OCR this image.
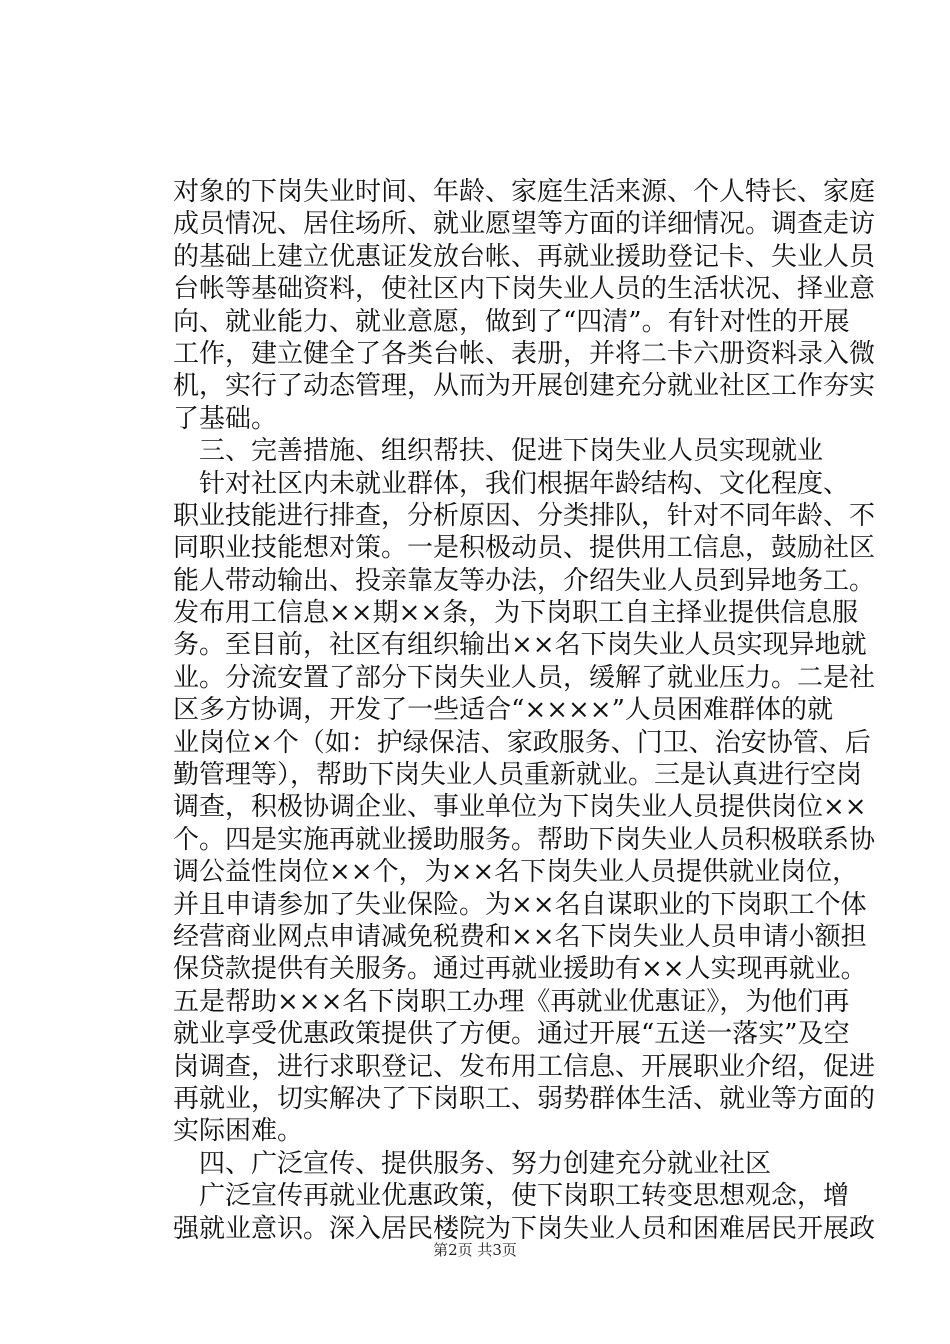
对象的下岗失业时间、年龄、家庭生活来源、个人特长、家庭
成员情况、居住场所、就业愿望等方面的详细情况。调查走访
的基础上建立优惠证发放台帐、再就业援助登记卡、失业人员
台帐等基础资料，使社区内下岗失业人员的生活状况、择业意
向、就业能力、就业意愿，做到了“四清”。有针对性的开展
工作，建立健全了各类台帐、表册，并将二卡六册资料录入微
机，实行了动态管理，从而为开展创建充分就业社区工作夯实
了基础。
三、完善措施、组织帮扶、促进下岗失业人员实现就业
针对社区内未就业群体，我们根据年龄结构、文化程度、
职业技能进行排查，分析原因、分类排队，针对不同年龄、不
同职业技能想对策。一是积极动员、提供用工信息，鼓励社区
能人带动输出、投亲靠友等办法，介绍失业人员到异地务工。
发布用工信息××期××条，为下岗职工自主择业提供信息服
务。至目前，社区有组织输出××名下岗失业人员实现异地就
业。分流安置了部分下岗失业人员，缓解了就业压力。二是社
区多方协调，开发了一些适合“××××”人员困难群体的就
业岗位×个（如：护绿保洁、家政服务、门卫、治安协管、后
勤管理等），帮助下岗失业人员重新就业。三是认真进行空岗
调查，积极协调企业、事业单位为下岗失业人员提供岗位××
个。四是实施再就业援助服务。帮助下岗失业人员积极联系协
调公益性岗位××个，为××名下岗失业人员提供就业岗位，
并且申请参加了失业保险。为××名自谋职业的下岗职工个体
经营商业网点申请减免税费和××名下岗失业人员申请小额担
保贷款提供有关服务。通过再就业援助有××人实现再就业。
五是帮助×××名下岗职工办理《再就业优惠证》，为他们再
就业享受优惠政策提供了方便。通过开展“五送一落实”及空
岗调查，进行求职登记、发布用工信息、开展职业介绍，促进
再就业，切实解决了下岗职工、弱势群体生活、就业等方面的
实际困难。
四、广泛宣传、提供服务、努力创建充分就业社区
广泛宣传再就业优惠政策，使下岗职工转变思想观念，增
强就业意识。深入居民楼院为下岗失业人员和困难居民开展政
第2页 共3页
